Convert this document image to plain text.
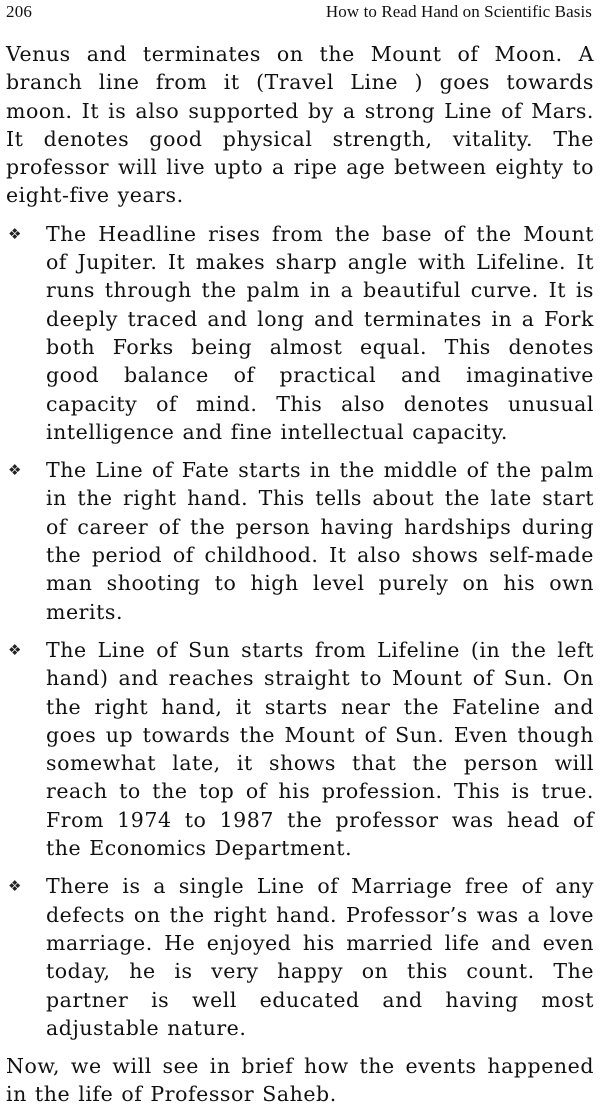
206	How to Read Hand on Scientific Basis

Venus and terminates on the Mount of Moon. A branch line from it (Travel Line ) goes towards moon. It is also supported by a strong Line of Mars. It denotes good physical strength, vitality. The professor will live upto a ripe age between eighty to eight-five years.

❖	The Headline rises from the base of the Mount of Jupiter. It makes sharp angle with Lifeline. It runs through the palm in a beautiful curve. It is deeply traced and long and terminates in a Fork both Forks being almost equal. This denotes good balance of practical and imaginative capacity of mind. This also denotes unusual intelligence and fine intellectual capacity.

❖	The Line of Fate starts in the middle of the palm in the right hand. This tells about the late start of career of the person having hardships during the period of childhood. It also shows self-made man shooting to high level purely on his own merits.

❖	The Line of Sun starts from Lifeline (in the left hand) and reaches straight to Mount of Sun. On the right hand, it starts near the Fateline and goes up towards the Mount of Sun. Even though somewhat late, it shows that the person will reach to the top of his profession. This is true. From 1974 to 1987 the professor was head of the Economics Department.

❖	There is a single Line of Marriage free of any defects on the right hand. Professor’s was a love marriage. He enjoyed his married life and even today, he is very happy on this count. The partner is well educated and having most adjustable nature.

Now, we will see in brief how the events happened in the life of Professor Saheb.
